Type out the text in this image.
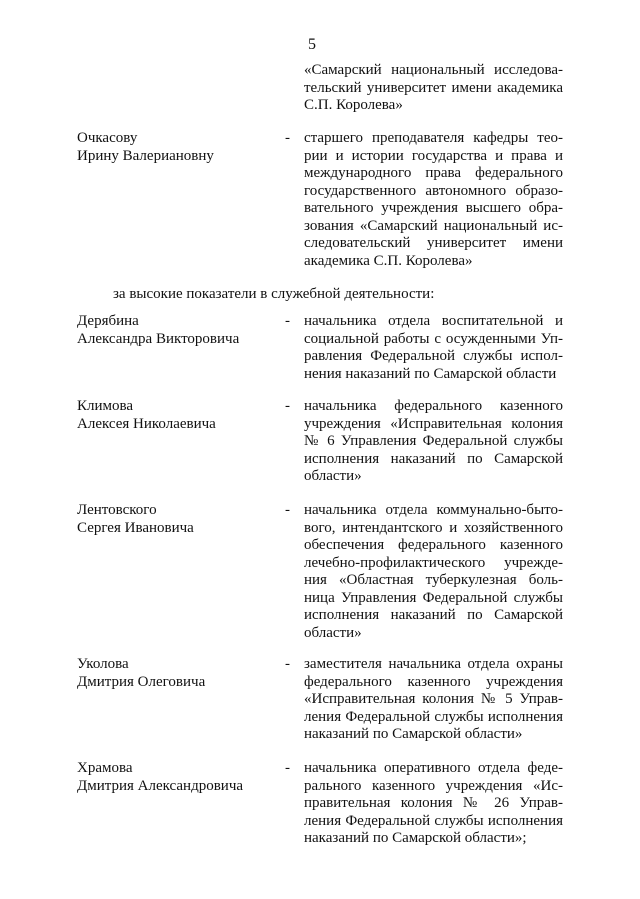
5
«Самарский национальный исследова-
тельский университет имени академика
С.П. Королева»
Очкасову
Ирину Валериановну
- старшего преподавателя кафедры тео-
рии и истории государства и права и
международного права федерального
государственного автономного образо-
вательного учреждения высшего обра-
зования «Самарский национальный ис-
следовательский университет имени
академика С.П. Королева»
за высокие показатели в служебной деятельности:
Дерябина
Александра Викторовича
- начальника отдела воспитательной и
социальной работы с осужденными Уп-
равления Федеральной службы испол-
нения наказаний по Самарской области
Климова
Алексея Николаевича
- начальника федерального казенного
учреждения «Исправительная колония
№ 6 Управления Федеральной службы
исполнения наказаний по Самарской
области»
Лентовского
Сергея Ивановича
- начальника отдела коммунально-быто-
вого, интендантского и хозяйственного
обеспечения федерального казенного
лечебно-профилактического учрежде-
ния «Областная туберкулезная боль-
ница Управления Федеральной службы
исполнения наказаний по Самарской
области»
Уколова
Дмитрия Олеговича
- заместителя начальника отдела охраны
федерального казенного учреждения
«Исправительная колония № 5 Управ-
ления Федеральной службы исполнения
наказаний по Самарской области»
Храмова
Дмитрия Александровича
- начальника оперативного отдела феде-
рального казенного учреждения «Ис-
правительная колония № 26 Управ-
ления Федеральной службы исполнения
наказаний по Самарской области»;
